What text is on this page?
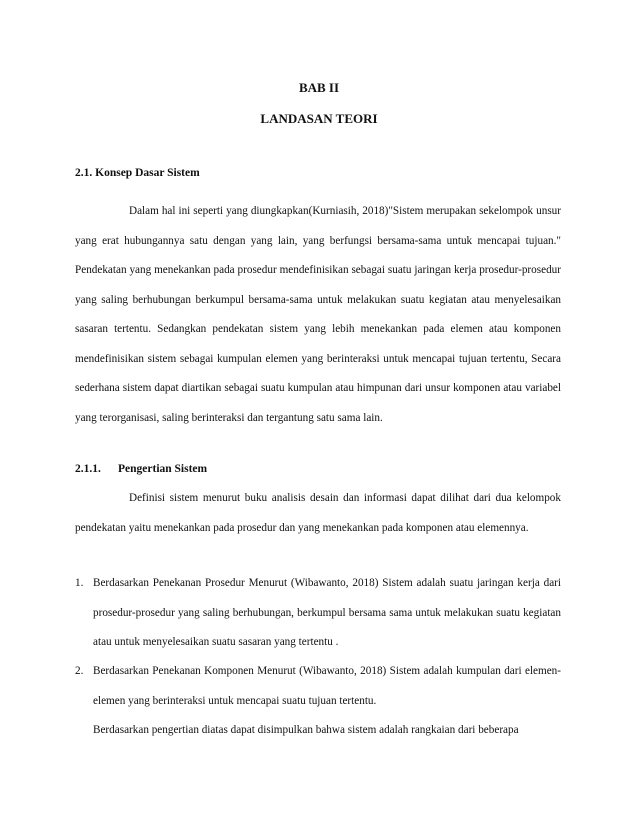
BAB II
LANDASAN TEORI
2.1. Konsep Dasar Sistem

Dalam hal ini seperti yang diungkapkan(Kurniasih, 2018)"Sistem merupakan sekelompok unsur yang erat hubungannya satu dengan yang lain, yang berfungsi bersama-sama untuk mencapai tujuan." Pendekatan yang menekankan pada prosedur mendefinisikan sebagai suatu jaringan kerja prosedur-prosedur yang saling berhubungan berkumpul bersama-sama untuk melakukan suatu kegiatan atau menyelesaikan sasaran tertentu. Sedangkan pendekatan sistem yang lebih menekankan pada elemen atau komponen mendefinisikan sistem sebagai kumpulan elemen yang berinteraksi untuk mencapai tujuan tertentu, Secara sederhana sistem dapat diartikan sebagai suatu kumpulan atau himpunan dari unsur komponen atau variabel yang terorganisasi, saling berinteraksi dan tergantung satu sama lain.

2.1.1. Pengertian Sistem

Definisi sistem menurut buku analisis desain dan informasi dapat dilihat dari dua kelompok pendekatan yaitu menekankan pada prosedur dan yang menekankan pada komponen atau elemennya.

1. Berdasarkan Penekanan Prosedur Menurut (Wibawanto, 2018) Sistem adalah suatu jaringan kerja dari prosedur-prosedur yang saling berhubungan, berkumpul bersama sama untuk melakukan suatu kegiatan atau untuk menyelesaikan suatu sasaran yang tertentu .
2. Berdasarkan Penekanan Komponen Menurut (Wibawanto, 2018) Sistem adalah kumpulan dari elemen-elemen yang berinteraksi untuk mencapai suatu tujuan tertentu.

Berdasarkan pengertian diatas dapat disimpulkan bahwa sistem adalah rangkaian dari beberapa
